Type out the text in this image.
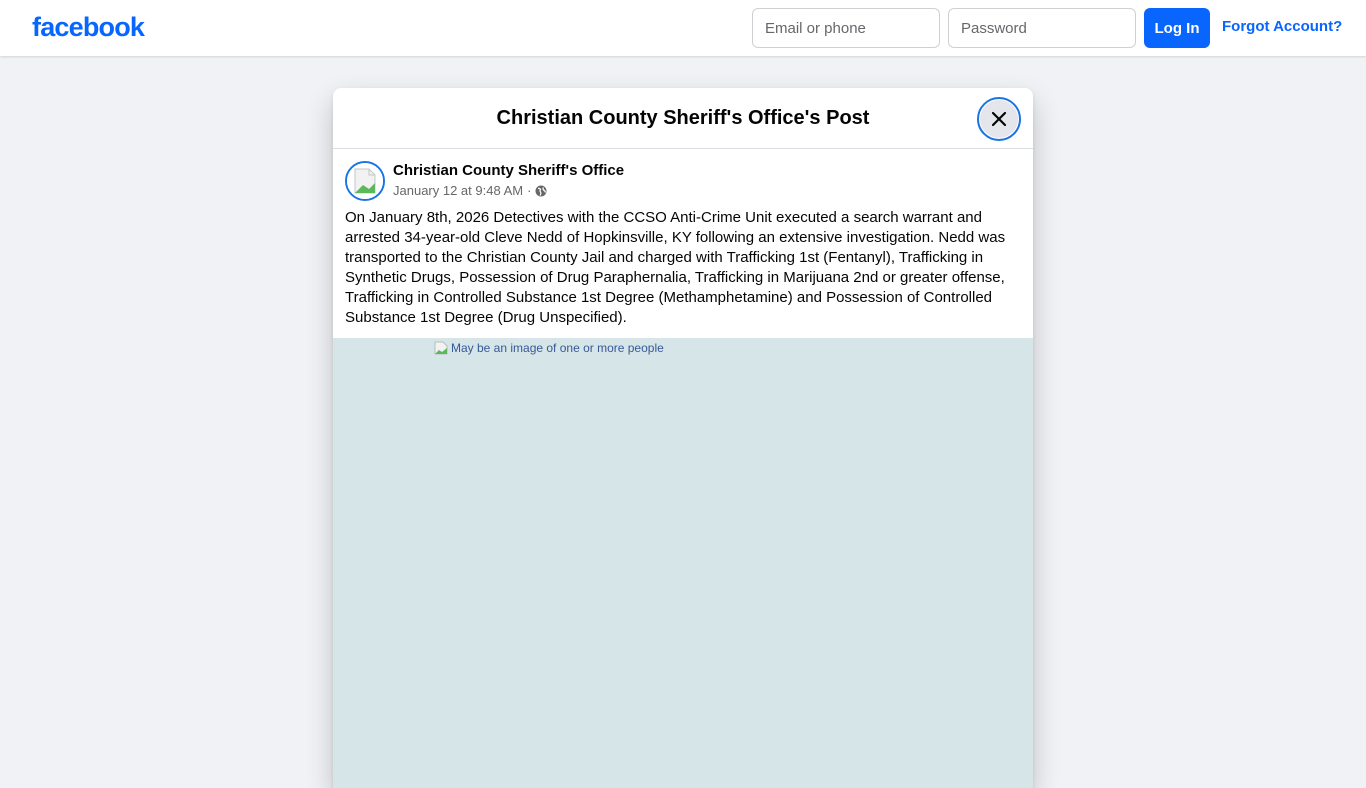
facebook
Email or phone	Log In	Forgot Account?
Christian County Sheriff's Office's Post
Christian County Sheriff's Office
January 12 at 9:48 AM ·
On January 8th, 2026 Detectives with the CCSO Anti-Crime Unit executed a search warrant and arrested 34-year-old Cleve Nedd of Hopkinsville, KY following an extensive investigation. Nedd was transported to the Christian County Jail and charged with Trafficking 1st (Fentanyl), Trafficking in Synthetic Drugs, Possession of Drug Paraphernalia, Trafficking in Marijuana 2nd or greater offense, Trafficking in Controlled Substance 1st Degree (Methamphetamine) and Possession of Controlled Substance 1st Degree (Drug Unspecified).
May be an image of one or more people
